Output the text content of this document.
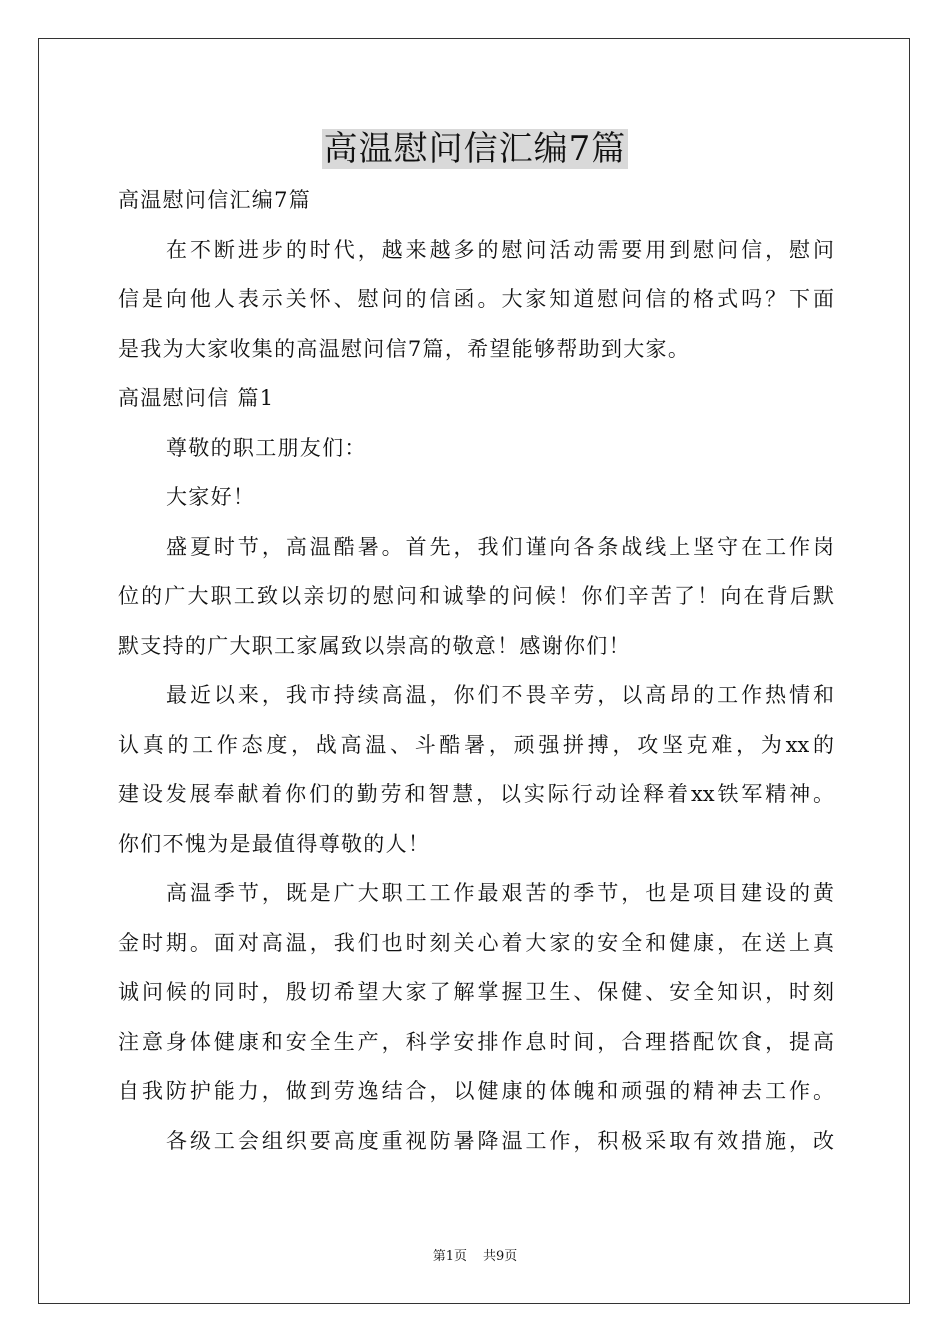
高温慰问信汇编7篇
高温慰问信汇编7篇
在不断进步的时代，越来越多的慰问活动需要用到慰问信，慰问
信是向他人表示关怀、慰问的信函。大家知道慰问信的格式吗？下面
是我为大家收集的高温慰问信7篇，希望能够帮助到大家。
高温慰问信 篇1
尊敬的职工朋友们：
大家好！
盛夏时节，高温酷暑。首先，我们谨向各条战线上坚守在工作岗
位的广大职工致以亲切的慰问和诚挚的问候！你们辛苦了！向在背后默
默支持的广大职工家属致以崇高的敬意！感谢你们！
最近以来，我市持续高温，你们不畏辛劳，以高昂的工作热情和
认真的工作态度，战高温、斗酷暑，顽强拼搏，攻坚克难，为xx的
建设发展奉献着你们的勤劳和智慧，以实际行动诠释着xx铁军精神。
你们不愧为是最值得尊敬的人！
高温季节，既是广大职工工作最艰苦的季节，也是项目建设的黄
金时期。面对高温，我们也时刻关心着大家的安全和健康，在送上真
诚问候的同时，殷切希望大家了解掌握卫生、保健、安全知识，时刻
注意身体健康和安全生产，科学安排作息时间，合理搭配饮食，提高
自我防护能力，做到劳逸结合，以健康的体魄和顽强的精神去工作。
各级工会组织要高度重视防暑降温工作，积极采取有效措施，改
第1页 共9页
